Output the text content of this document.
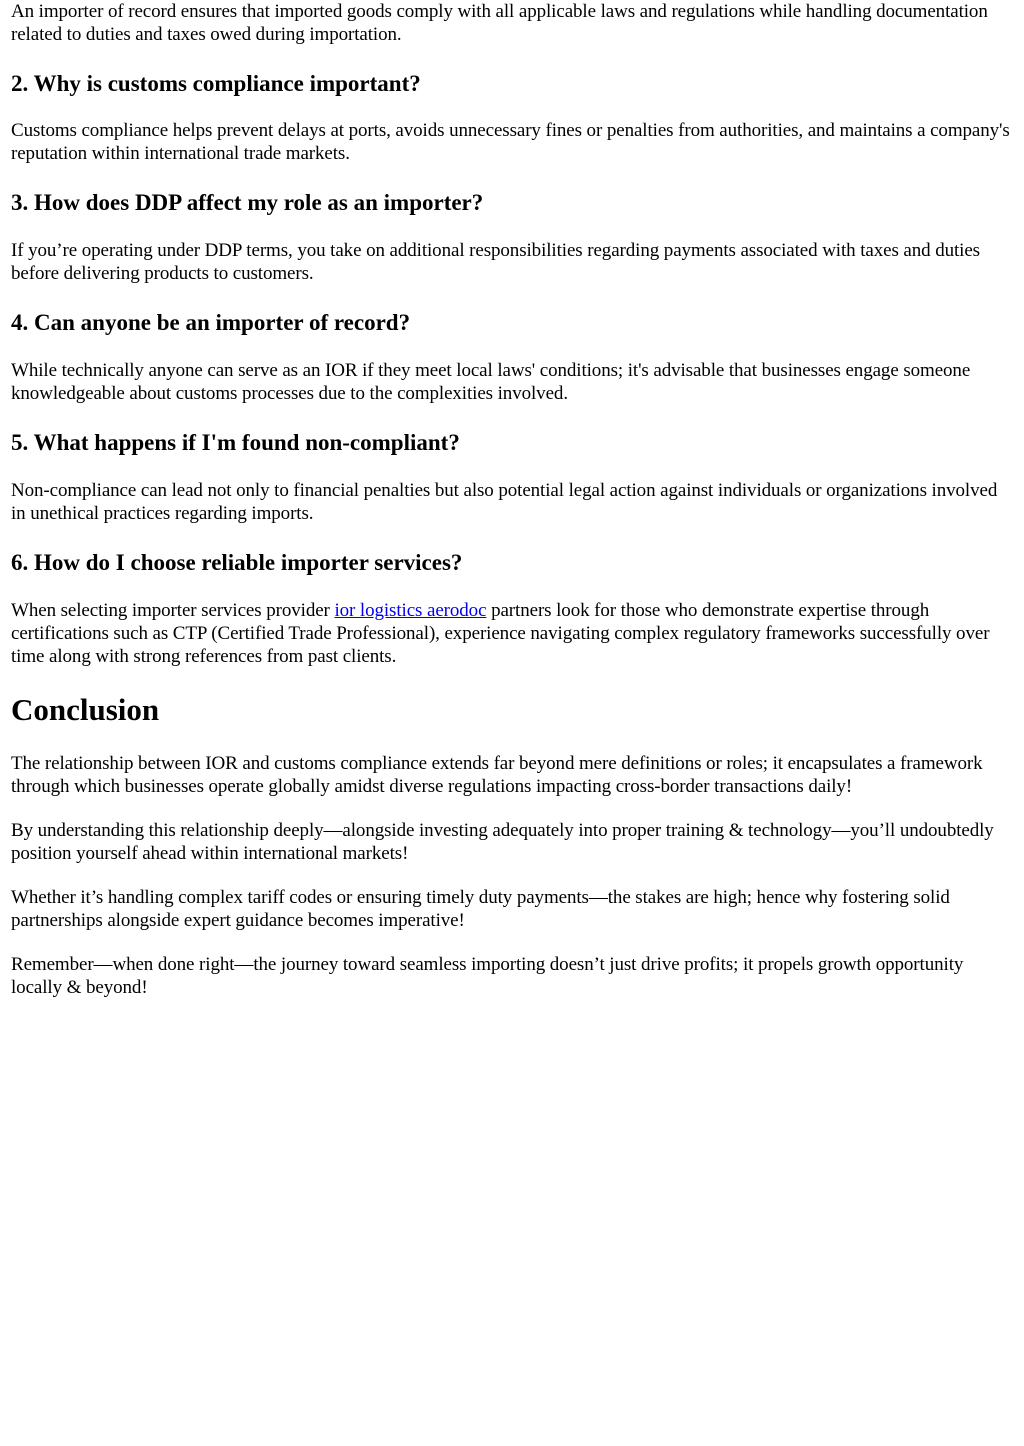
An importer of record ensures that imported goods comply with all applicable laws and regulations while handling documentation related to duties and taxes owed during importation.

2. Why is customs compliance important?

Customs compliance helps prevent delays at ports, avoids unnecessary fines or penalties from authorities, and maintains a company's reputation within international trade markets.

3. How does DDP affect my role as an importer?

If you’re operating under DDP terms, you take on additional responsibilities regarding payments associated with taxes and duties before delivering products to customers.

4. Can anyone be an importer of record?

While technically anyone can serve as an IOR if they meet local laws' conditions; it's advisable that businesses engage someone knowledgeable about customs processes due to the complexities involved.

5. What happens if I'm found non-compliant?

Non-compliance can lead not only to financial penalties but also potential legal action against individuals or organizations involved in unethical practices regarding imports.

6. How do I choose reliable importer services?

When selecting importer services provider ior logistics aerodoc partners look for those who demonstrate expertise through certifications such as CTP (Certified Trade Professional), experience navigating complex regulatory frameworks successfully over time along with strong references from past clients.

Conclusion

The relationship between IOR and customs compliance extends far beyond mere definitions or roles; it encapsulates a framework through which businesses operate globally amidst diverse regulations impacting cross-border transactions daily!

By understanding this relationship deeply—alongside investing adequately into proper training & technology—you’ll undoubtedly position yourself ahead within international markets!

Whether it’s handling complex tariff codes or ensuring timely duty payments—the stakes are high; hence why fostering solid partnerships alongside expert guidance becomes imperative!

Remember—when done right—the journey toward seamless importing doesn’t just drive profits; it propels growth opportunity locally & beyond!
